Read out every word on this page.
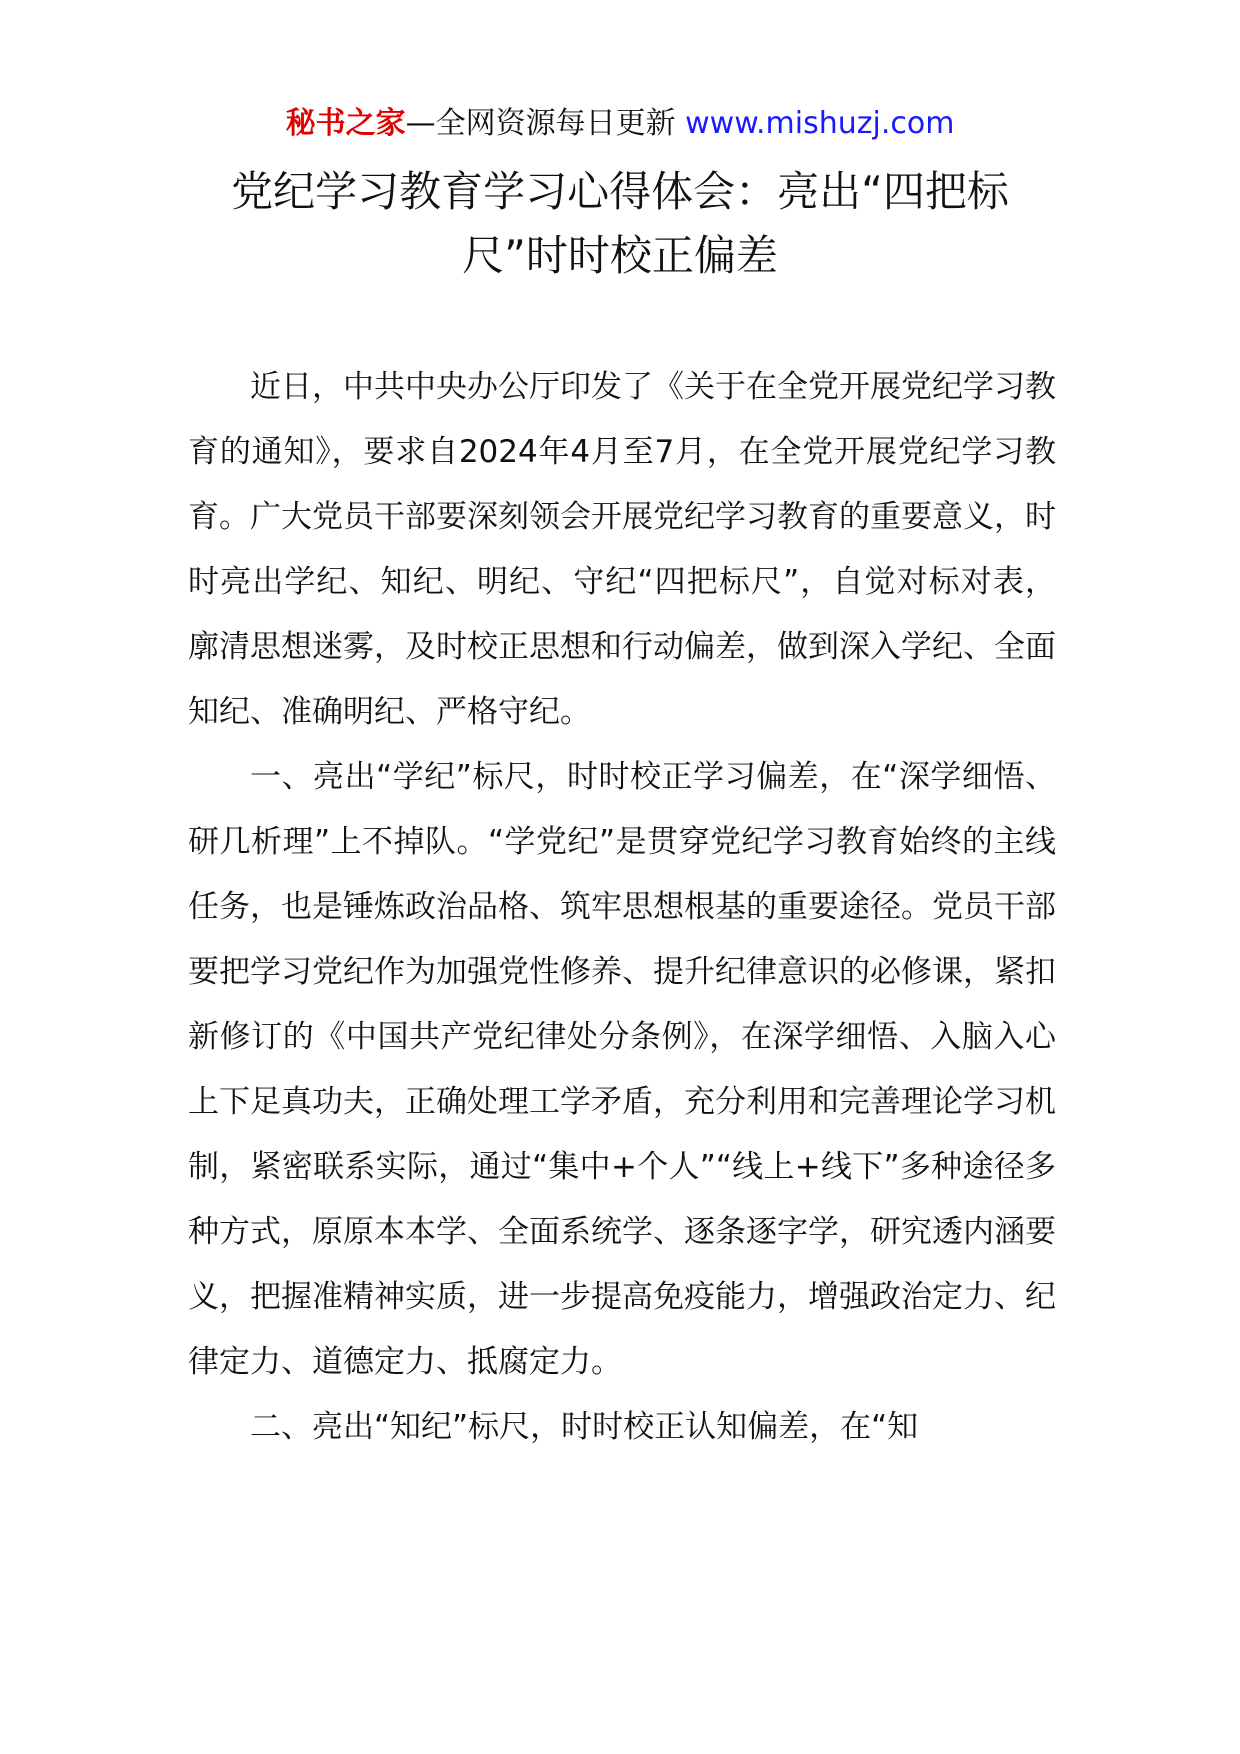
秘书之家—全网资源每日更新 www.mishuzj.com
党纪学习教育学习心得体会：亮出“四把标尺”时时校正偏差

近日，中共中央办公厅印发了《关于在全党开展党纪学习教育的通知》，要求自2024年4月至7月，在全党开展党纪学习教育。广大党员干部要深刻领会开展党纪学习教育的重要意义，时时亮出学纪、知纪、明纪、守纪“四把标尺”，自觉对标对表，廓清思想迷雾，及时校正思想和行动偏差，做到深入学纪、全面知纪、准确明纪、严格守纪。

一、亮出“学纪”标尺，时时校正学习偏差，在“深学细悟、研几析理”上不掉队。“学党纪”是贯穿党纪学习教育始终的主线任务，也是锤炼政治品格、筑牢思想根基的重要途径。党员干部要把学习党纪作为加强党性修养、提升纪律意识的必修课，紧扣新修订的《中国共产党纪律处分条例》，在深学细悟、入脑入心上下足真功夫，正确处理工学矛盾，充分利用和完善理论学习机制，紧密联系实际，通过“集中+个人”“线上+线下”多种途径多种方式，原原本本学、全面系统学、逐条逐字学，研究透内涵要义，把握准精神实质，进一步提高免疫能力，增强政治定力、纪律定力、道德定力、抵腐定力。

二、亮出“知纪”标尺，时时校正认知偏差，在“知
